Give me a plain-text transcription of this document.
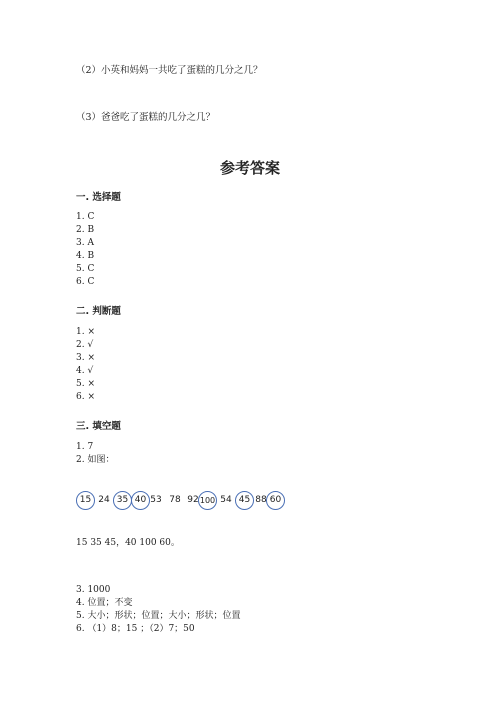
（2）小英和妈妈一共吃了蛋糕的几分之几？
（3）爸爸吃了蛋糕的几分之几？
参考答案
一. 选择题
1. C
2. B
3. A
4. B
5. C
6. C
二. 判断题
1. ×
2. √
3. ×
4. √
5. ×
6. ×
三. 填空题
1. 7
2. 如图：
15 24 35 40 53 78 92 100 54 45 88 60
15 35 45，40 100 60。
3. 1000
4. 位置；不变
5. 大小；形状；位置；大小；形状；位置
6. （1）8；15 ；（2）7；50
